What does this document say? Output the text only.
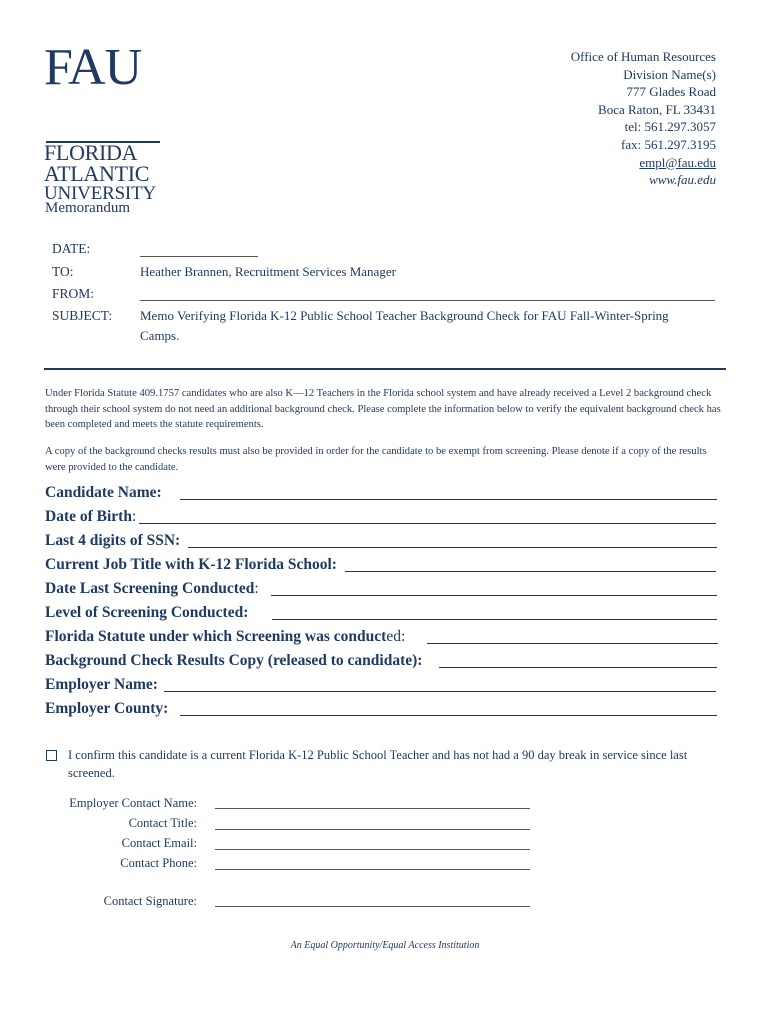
FAU
FLORIDA
ATLANTIC
UNIVERSITY
Office of Human Resources
Division Name(s)
777 Glades Road
Boca Raton, FL 33431
tel: 561.297.3057
fax: 561.297.3195
empl@fau.edu
www.fau.edu
Memorandum
DATE:
TO:	Heather Brannen, Recruitment Services Manager
FROM:
SUBJECT: Memo Verifying Florida K-12 Public School Teacher Background Check for FAU Fall-Winter-Spring
Camps.
Under Florida Statute 409.1757 candidates who are also K—12 Teachers in the Florida school system and have already received a Level 2 background check through their school system do not need an additional background check. Please complete the information below to verify the equivalent background check has been completed and meets the statute requirements.
A copy of the background checks results must also be provided in order for the candidate to be exempt from screening. Please denote if a copy of the results were provided to the candidate.
Candidate Name:
Date of Birth:
Last 4 digits of SSN:
Current Job Title with K-12 Florida School:
Date Last Screening Conducted:
Level of Screening Conducted:
Florida Statute under which Screening was conducted:
Background Check Results Copy (released to candidate):
Employer Name:
Employer County:
I confirm this candidate is a current Florida K-12 Public School Teacher and has not had a 90 day break in service since last screened.
Employer Contact Name:
Contact Title:
Contact Email:
Contact Phone:
Contact Signature:
An Equal Opportunity/Equal Access Institution
